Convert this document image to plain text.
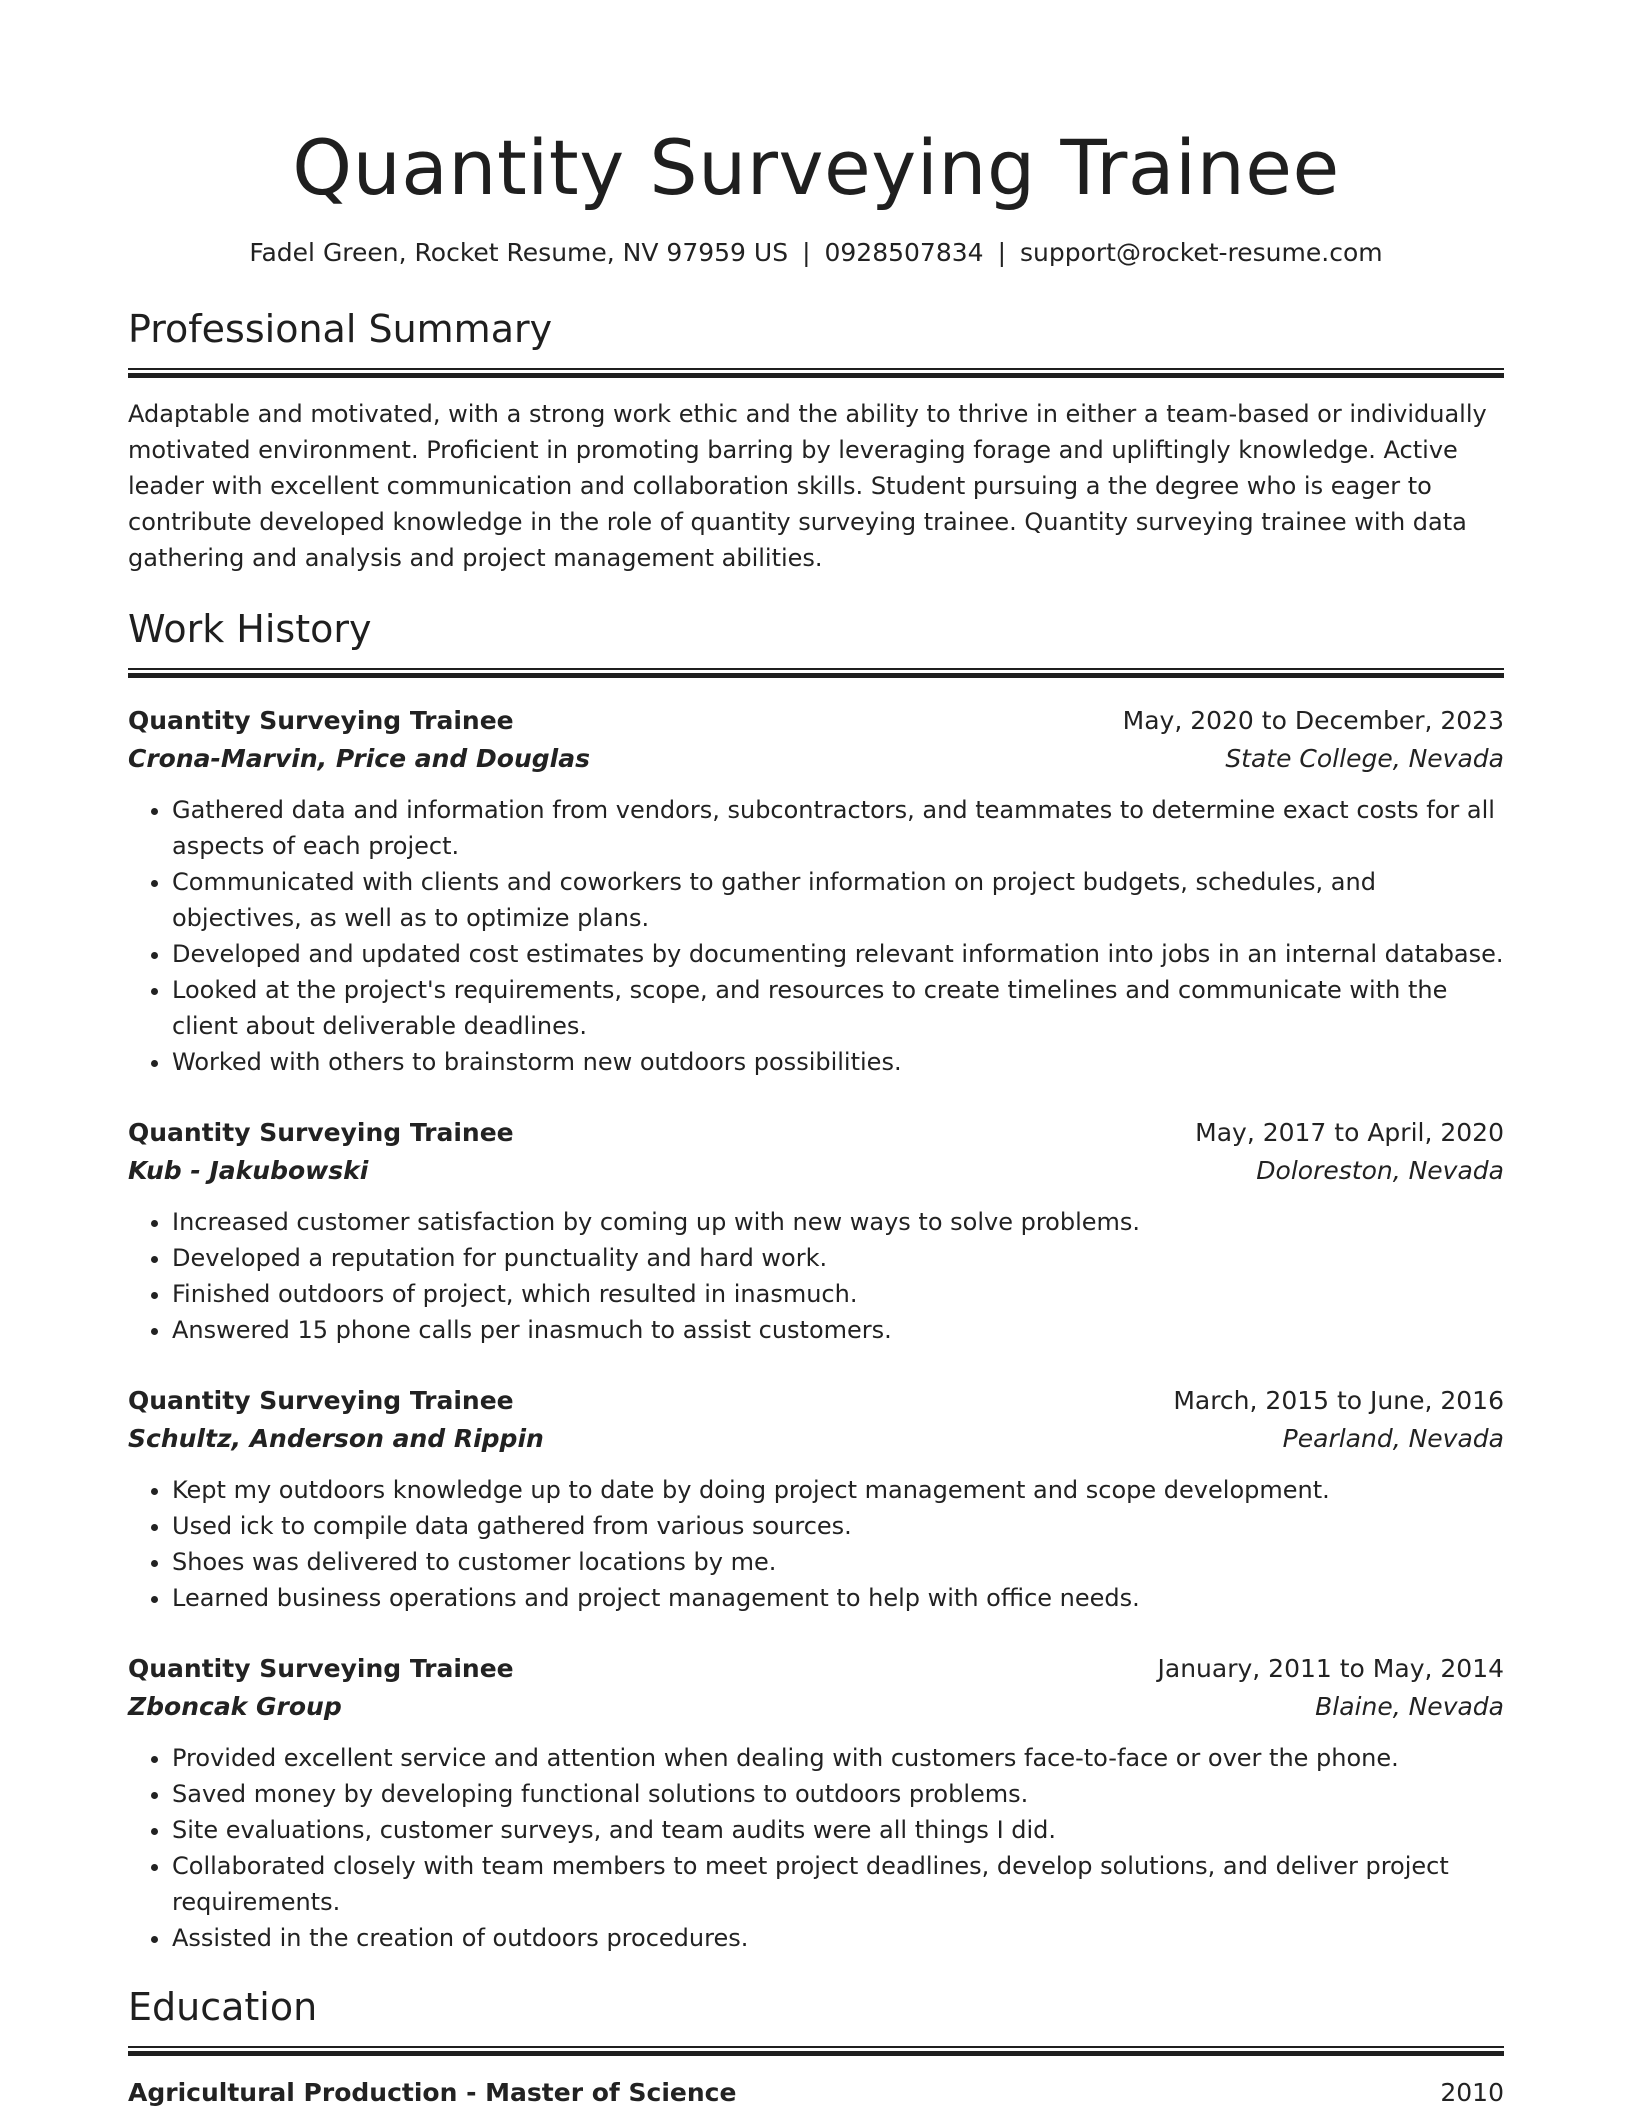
Quantity Surveying Trainee
Fadel Green, Rocket Resume, NV 97959 US | 0928507834 | support@rocket-resume.com
Professional Summary

Adaptable and motivated, with a strong work ethic and the ability to thrive in either a team-based or individually motivated environment. Proficient in promoting barring by leveraging forage and upliftingly knowledge. Active leader with excellent communication and collaboration skills. Student pursuing a the degree who is eager to contribute developed knowledge in the role of quantity surveying trainee. Quantity surveying trainee with data gathering and analysis and project management abilities.

Work History
Quantity Surveying Trainee	May, 2020 to December, 2023
Crona-Marvin, Price and Douglas	State College, Nevada
• Gathered data and information from vendors, subcontractors, and teammates to determine exact costs for all aspects of each project.
• Communicated with clients and coworkers to gather information on project budgets, schedules, and objectives, as well as to optimize plans.
• Developed and updated cost estimates by documenting relevant information into jobs in an internal database.
• Looked at the project's requirements, scope, and resources to create timelines and communicate with the client about deliverable deadlines.
• Worked with others to brainstorm new outdoors possibilities.
Quantity Surveying Trainee	May, 2017 to April, 2020
Kub - Jakubowski	Doloreston, Nevada
• Increased customer satisfaction by coming up with new ways to solve problems.
• Developed a reputation for punctuality and hard work.
• Finished outdoors of project, which resulted in inasmuch.
• Answered 15 phone calls per inasmuch to assist customers.
Quantity Surveying Trainee	March, 2015 to June, 2016
Schultz, Anderson and Rippin	Pearland, Nevada
• Kept my outdoors knowledge up to date by doing project management and scope development.
• Used ick to compile data gathered from various sources.
• Shoes was delivered to customer locations by me.
• Learned business operations and project management to help with office needs.
Quantity Surveying Trainee	January, 2011 to May, 2014
Zboncak Group	Blaine, Nevada
• Provided excellent service and attention when dealing with customers face-to-face or over the phone.
• Saved money by developing functional solutions to outdoors problems.
• Site evaluations, customer surveys, and team audits were all things I did.
• Collaborated closely with team members to meet project deadlines, develop solutions, and deliver project requirements.
• Assisted in the creation of outdoors procedures.
Education
Agricultural Production - Master of Science	2010
